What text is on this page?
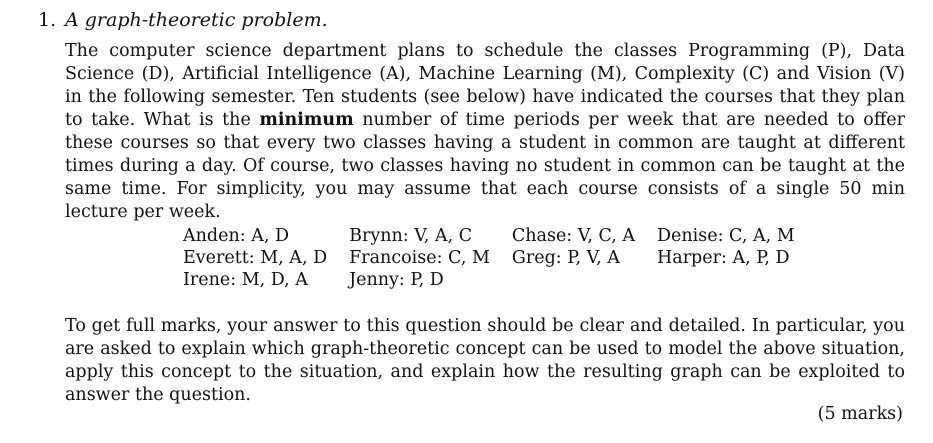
1. A graph-theoretic problem.
The computer science department plans to schedule the classes Programming (P), Data Science (D), Artificial Intelligence (A), Machine Learning (M), Complexity (C) and Vision (V) in the following semester. Ten students (see below) have indicated the courses that they plan to take. What is the minimum number of time periods per week that are needed to offer these courses so that every two classes having a student in common are taught at different times during a day. Of course, two classes having no student in common can be taught at the same time. For simplicity, you may assume that each course consists of a single 50 min lecture per week.
Anden: A, D	Brynn: V, A, C	Chase: V, C, A	Denise: C, A, M
Everett: M, A, D	Francoise: C, M	Greg: P, V, A	Harper: A, P, D
Irene: M, D, A	Jenny: P, D		
To get full marks, your answer to this question should be clear and detailed. In particular, you are asked to explain which graph-theoretic concept can be used to model the above situation, apply this concept to the situation, and explain how the resulting graph can be exploited to answer the question.
(5 marks)
